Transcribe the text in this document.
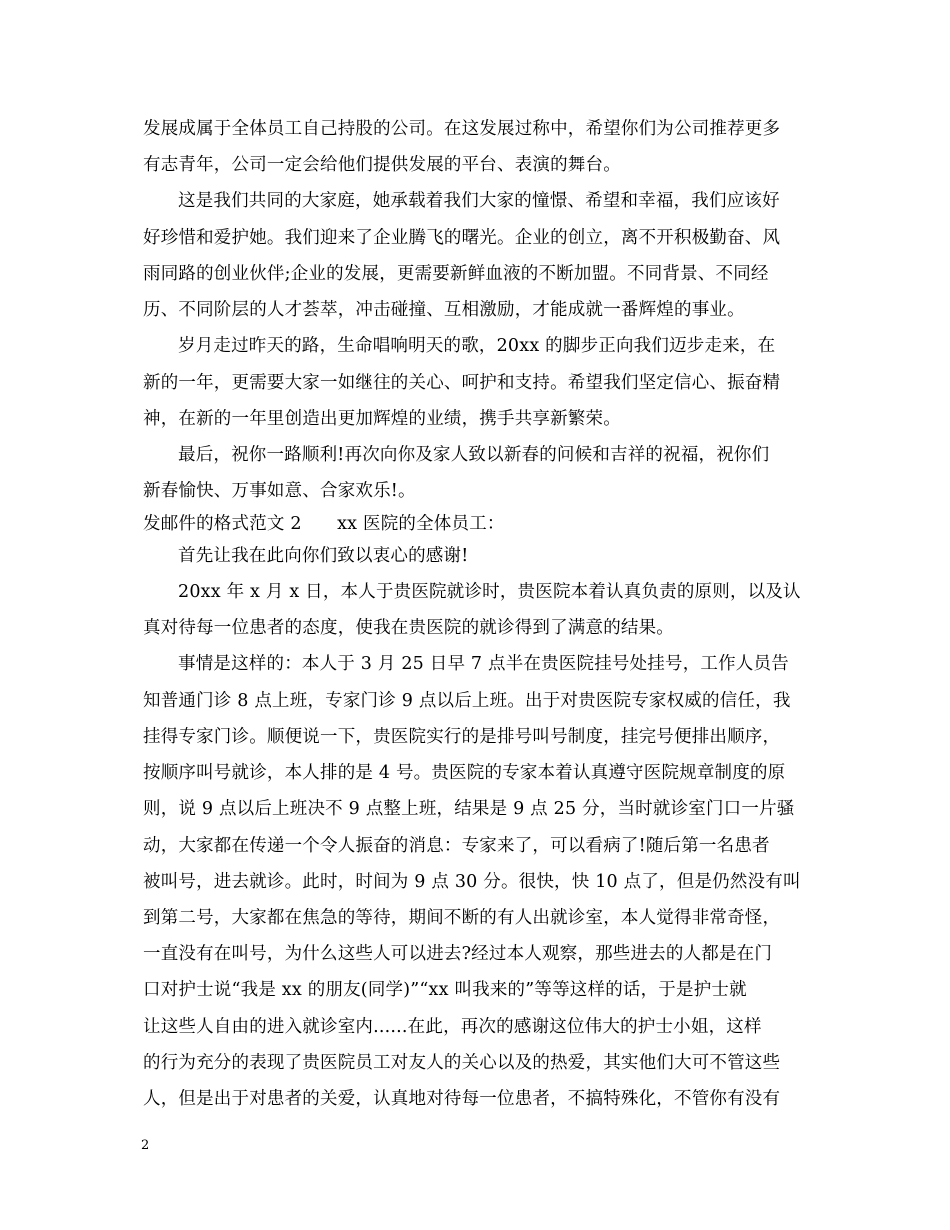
发展成属于全体员工自己持股的公司。在这发展过称中，希望你们为公司推荐更多
有志青年，公司一定会给他们提供发展的平台、表演的舞台。
这是我们共同的大家庭，她承载着我们大家的憧憬、希望和幸福，我们应该好
好珍惜和爱护她。我们迎来了企业腾飞的曙光。企业的创立，离不开积极勤奋、风
雨同路的创业伙伴;企业的发展，更需要新鲜血液的不断加盟。不同背景、不同经
历、不同阶层的人才荟萃，冲击碰撞、互相激励，才能成就一番辉煌的事业。
岁月走过昨天的路，生命唱响明天的歌，20xx 的脚步正向我们迈步走来，在
新的一年，更需要大家一如继往的关心、呵护和支持。希望我们坚定信心、振奋精
神，在新的一年里创造出更加辉煌的业绩，携手共享新繁荣。
最后，祝你一路顺利!再次向你及家人致以新春的问候和吉祥的祝福，祝你们
新春愉快、万事如意、合家欢乐!。
发邮件的格式范文 2　　xx 医院的全体员工：
首先让我在此向你们致以衷心的感谢!
20xx 年 x 月 x 日，本人于贵医院就诊时，贵医院本着认真负责的原则，以及认
真对待每一位患者的态度，使我在贵医院的就诊得到了满意的结果。
事情是这样的：本人于 3 月 25 日早 7 点半在贵医院挂号处挂号，工作人员告
知普通门诊 8 点上班，专家门诊 9 点以后上班。出于对贵医院专家权威的信任，我
挂得专家门诊。顺便说一下，贵医院实行的是排号叫号制度，挂完号便排出顺序，
按顺序叫号就诊，本人排的是 4 号。贵医院的专家本着认真遵守医院规章制度的原
则，说 9 点以后上班决不 9 点整上班，结果是 9 点 25 分，当时就诊室门口一片骚
动，大家都在传递一个令人振奋的消息：专家来了，可以看病了!随后第一名患者
被叫号，进去就诊。此时，时间为 9 点 30 分。很快，快 10 点了，但是仍然没有叫
到第二号，大家都在焦急的等待，期间不断的有人出就诊室，本人觉得非常奇怪，
一直没有在叫号，为什么这些人可以进去?经过本人观察，那些进去的人都是在门
口对护士说“我是 xx 的朋友(同学)”“xx 叫我来的”等等这样的话，于是护士就
让这些人自由的进入就诊室内......在此，再次的感谢这位伟大的护士小姐，这样
的行为充分的表现了贵医院员工对友人的关心以及的热爱，其实他们大可不管这些
人，但是出于对患者的关爱，认真地对待每一位患者，不搞特殊化，不管你有没有
2
